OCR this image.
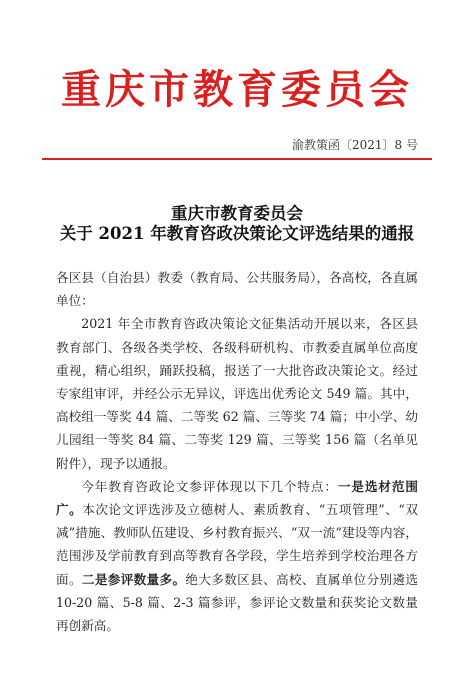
重庆市教育委员会
渝教策函〔2021〕8 号
重庆市教育委员会
关于 2021 年教育咨政决策论文评选结果的通报

各区县（自治县）教委（教育局、公共服务局），各高校，各直属单位：

2021 年全市教育咨政决策论文征集活动开展以来，各区县教育部门、各级各类学校、各级科研机构、市教委直属单位高度重视，精心组织，踊跃投稿，报送了一大批咨政决策论文。经过专家组审评，并经公示无异议，评选出优秀论文 549 篇。其中，高校组一等奖 44 篇、二等奖 62 篇、三等奖 74 篇；中小学、幼儿园组一等奖 84 篇、二等奖 129 篇、三等奖 156 篇（名单见附件），现予以通报。

今年教育咨政论文参评体现以下几个特点：一是选材范围广。本次论文评选涉及立德树人、素质教育、“五项管理”、“双减”措施、教师队伍建设、乡村教育振兴、“双一流”建设等内容，范围涉及学前教育到高等教育各学段，学生培养到学校治理各方面。二是参评数量多。绝大多数区县、高校、直属单位分别遴选 10-20 篇、5-8 篇、2-3 篇参评，参评论文数量和获奖论文数量再创新高。
